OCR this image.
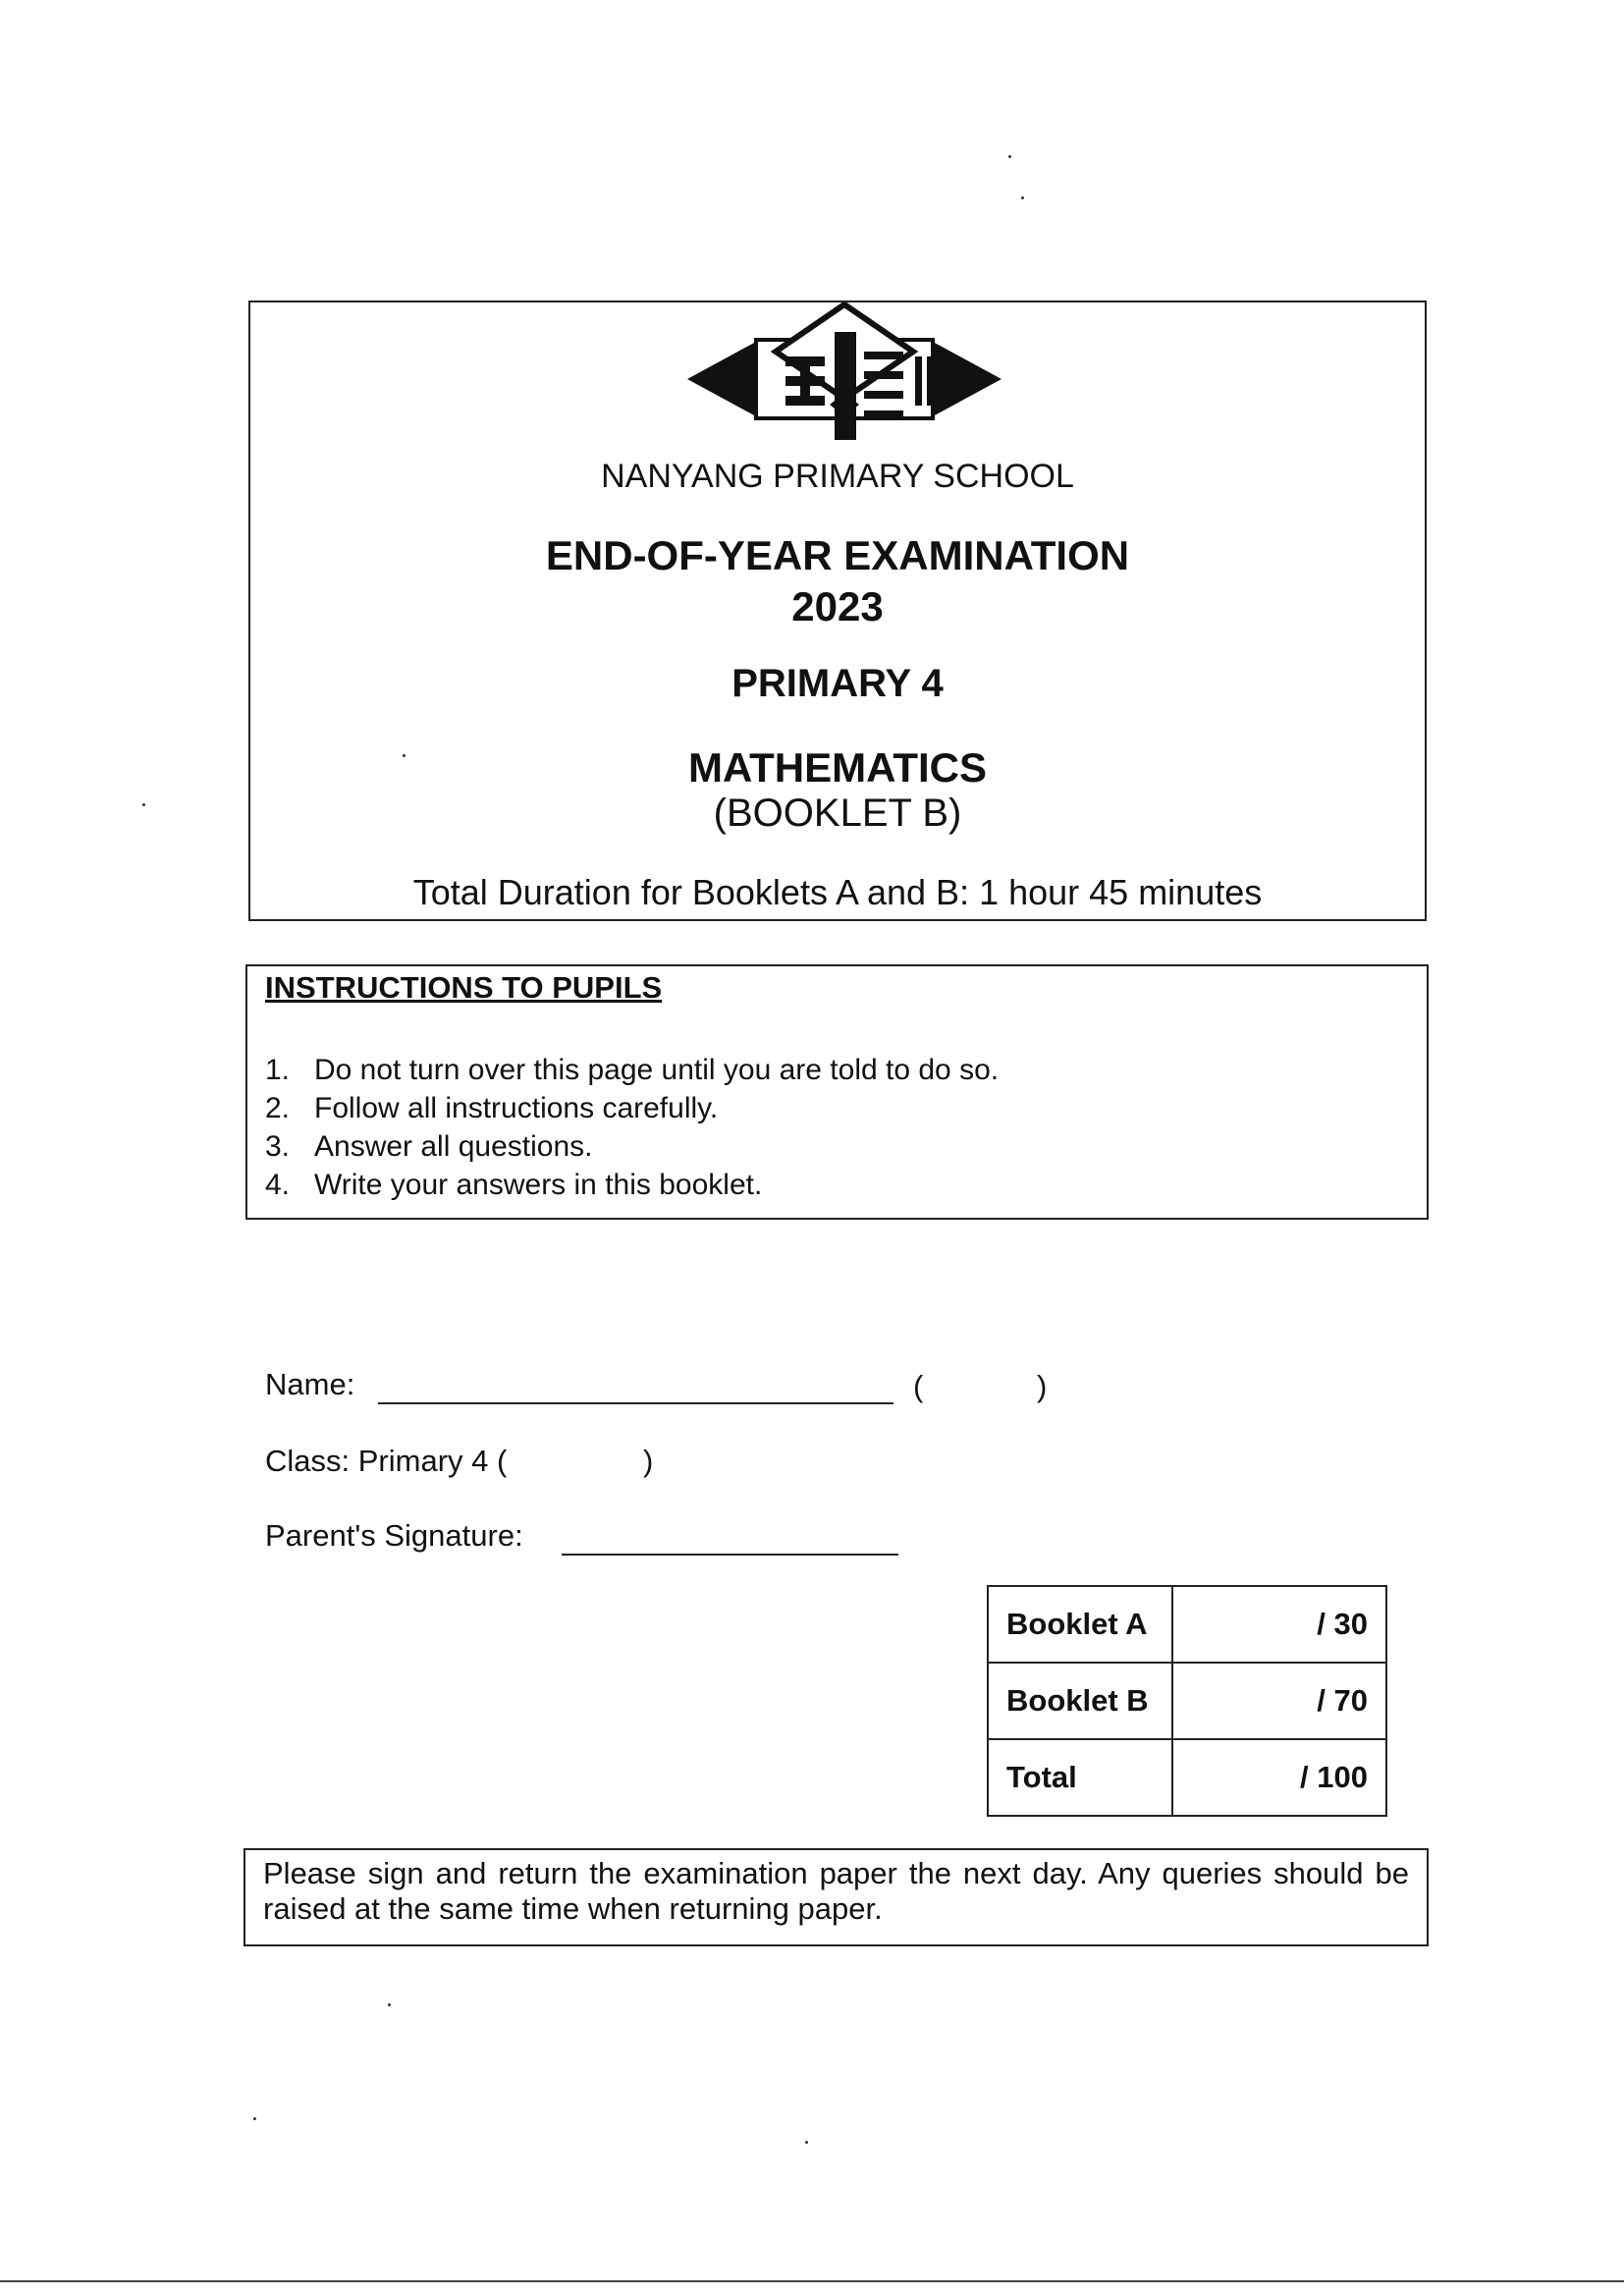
NANYANG PRIMARY SCHOOL
END-OF-YEAR EXAMINATION
2023
PRIMARY 4
MATHEMATICS
(BOOKLET B)
Total Duration for Booklets A and B: 1 hour 45 minutes
INSTRUCTIONS TO PUPILS
1. Do not turn over this page until you are told to do so.
2. Follow all instructions carefully.
3. Answer all questions.
4. Write your answers in this booklet.
Name:	(	)
Class: Primary 4 (	)
Parent's Signature:
Booklet A	/ 30
Booklet B	/ 70
Total	/ 100
Please sign and return the examination paper the next day. Any queries should be raised at the same time when returning paper.
